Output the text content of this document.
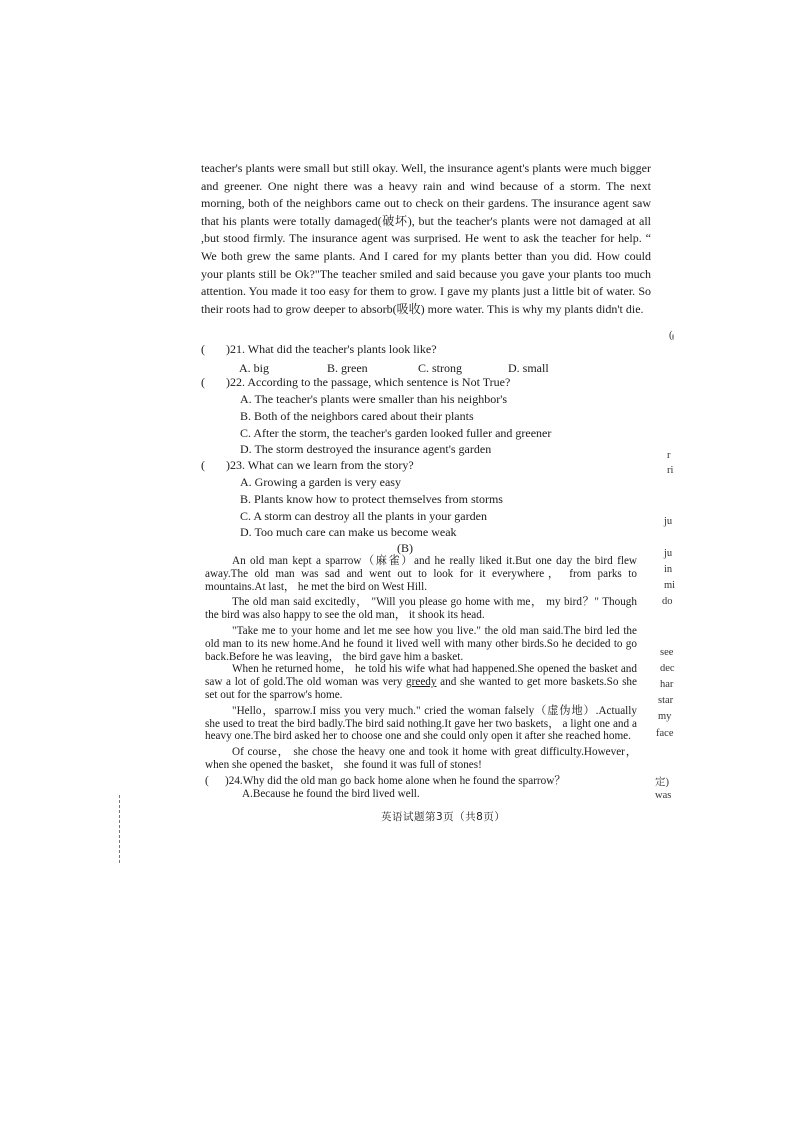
teacher's plants were small but still okay. Well, the insurance agent's plants were much bigger and greener. One night there was a heavy rain and wind because of a storm. The next morning, both of the neighbors came out to check on their gardens. The insurance agent saw that his plants were totally damaged(破坏), but the teacher's plants were not damaged at all ,but stood firmly. The insurance agent was surprised. He went to ask the teacher for help. “ We both grew the same plants. And I cared for my plants better than you did. How could your plants still be Ok?"The teacher smiled and said because you gave your plants too much attention. You made it too easy for them to grow. I gave my plants just a little bit of water. So their roots had to grow deeper to absorb(吸收) more water. This is why my plants didn't die.
( )21. What did the teacher's plants look like?
A. big	B. green	C. strong	D. small
( )22. According to the passage, which sentence is Not True?
A. The teacher's plants were smaller than his neighbor's
B. Both of the neighbors cared about their plants
C. After the storm, the teacher's garden looked fuller and greener
D. The storm destroyed the insurance agent's garden
( )23. What can we learn from the story?
A. Growing a garden is very easy
B. Plants know how to protect themselves from storms
C. A storm can destroy all the plants in your garden
D. Too much care can make us become weak
(B)

An old man kept a sparrow（麻雀）and he really liked it.But one day the bird flew away.The old man was sad and went out to look for it everywhere， from parks to mountains.At last， he met the bird on West Hill.

The old man said excitedly， "Will you please go home with me， my bird？" Though the bird was also happy to see the old man， it shook its head.

"Take me to your home and let me see how you live." the old man said.The bird led the old man to its new home.And he found it lived well with many other birds.So he decided to go back.Before he was leaving， the bird gave him a basket.

When he returned home， he told his wife what had happened.She opened the basket and saw a lot of gold.The old woman was very greedy and she wanted to get more baskets.So she set out for the sparrow's home.

"Hello，sparrow.I miss you very much." cried the woman falsely（虚伪地）.Actually she used to treat the bird badly.The bird said nothing.It gave her two baskets， a light one and a heavy one.The bird asked her to choose one and she could only open it after she reached home.

Of course， she chose the heavy one and took it home with great difficulty.However， when she opened the basket， she found it was full of stones!

( )24.Why did the old man go back home alone when he found the sparrow？
A.Because he found the bird lived well.
英语试题第3页（共8页）
(
r
ri
ju
ju
in
mi
do
see
dec
har
star
my
face
定)
was
